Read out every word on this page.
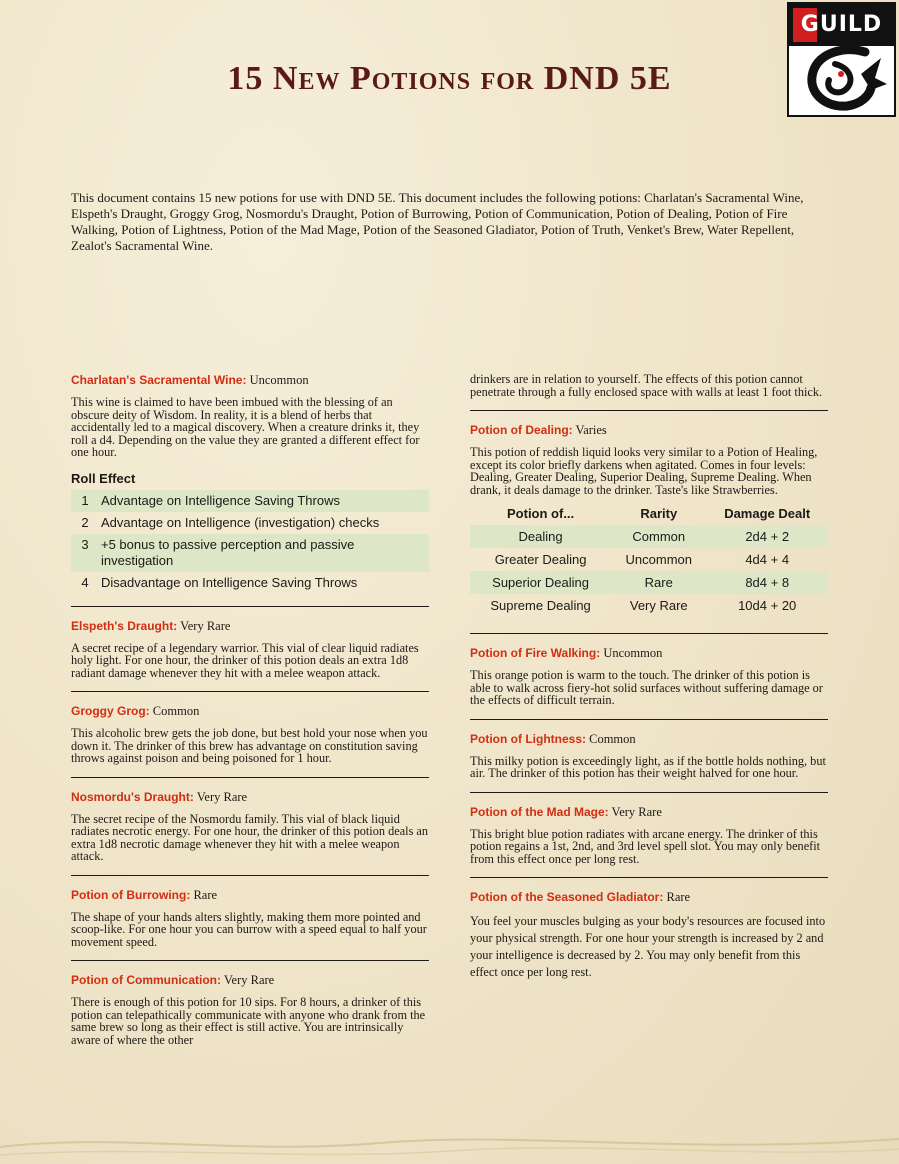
GUILD
15 New Potions for DND 5E

This document contains 15 new potions for use with DND 5E. This document includes the following potions: Charlatan's Sacramental Wine, Elspeth's Draught, Groggy Grog, Nosmordu's Draught, Potion of Burrowing, Potion of Communication, Potion of Dealing, Potion of Fire Walking, Potion of Lightness, Potion of the Mad Mage, Potion of the Seasoned Gladiator, Potion of Truth, Venket's Brew, Water Repellent, Zealot's Sacramental Wine.

Charlatan's Sacramental Wine: Uncommon

This wine is claimed to have been imbued with the blessing of an obscure deity of Wisdom. In reality, it is a blend of herbs that accidentally led to a magical discovery. When a creature drinks it, they roll a d4. Depending on the value they are granted a different effect for one hour.

Roll Effect
1	Advantage on Intelligence Saving Throws
2	Advantage on Intelligence (investigation) checks
3	+5 bonus to passive perception and passive investigation
4	Disadvantage on Intelligence Saving Throws

Elspeth's Draught: Very Rare

A secret recipe of a legendary warrior. This vial of clear liquid radiates holy light. For one hour, the drinker of this potion deals an extra 1d8 radiant damage whenever they hit with a melee weapon attack.

Groggy Grog: Common

This alcoholic brew gets the job done, but best hold your nose when you down it. The drinker of this brew has advantage on constitution saving throws against poison and being poisoned for 1 hour.

Nosmordu's Draught: Very Rare

The secret recipe of the Nosmordu family. This vial of black liquid radiates necrotic energy. For one hour, the drinker of this potion deals an extra 1d8 necrotic damage whenever they hit with a melee weapon attack.

Potion of Burrowing: Rare

The shape of your hands alters slightly, making them more pointed and scoop-like. For one hour you can burrow with a speed equal to half your movement speed.

Potion of Communication: Very Rare

There is enough of this potion for 10 sips. For 8 hours, a drinker of this potion can telepathically communicate with anyone who drank from the same brew so long as their effect is still active. You are intrinsically aware of where the other

drinkers are in relation to yourself. The effects of this potion cannot penetrate through a fully enclosed space with walls at least 1 foot thick.

Potion of Dealing: Varies

This potion of reddish liquid looks very similar to a Potion of Healing, except its color briefly darkens when agitated. Comes in four levels: Dealing, Greater Dealing, Superior Dealing, Supreme Dealing. When drank, it deals damage to the drinker. Taste's like Strawberries.

Potion of...	Rarity	Damage Dealt
Dealing	Common	2d4 + 2
Greater Dealing	Uncommon	4d4 + 4
Superior Dealing	Rare	8d4 + 8
Supreme Dealing	Very Rare	10d4 + 20

Potion of Fire Walking: Uncommon

This orange potion is warm to the touch. The drinker of this potion is able to walk across fiery-hot solid surfaces without suffering damage or the effects of difficult terrain.

Potion of Lightness: Common

This milky potion is exceedingly light, as if the bottle holds nothing, but air. The drinker of this potion has their weight halved for one hour.

Potion of the Mad Mage: Very Rare

This bright blue potion radiates with arcane energy. The drinker of this potion regains a 1st, 2nd, and 3rd level spell slot. You may only benefit from this effect once per long rest.

Potion of the Seasoned Gladiator: Rare

You feel your muscles bulging as your body's resources are focused into your physical strength. For one hour your strength is increased by 2 and your intelligence is decreased by 2. You may only benefit from this effect once per long rest.
